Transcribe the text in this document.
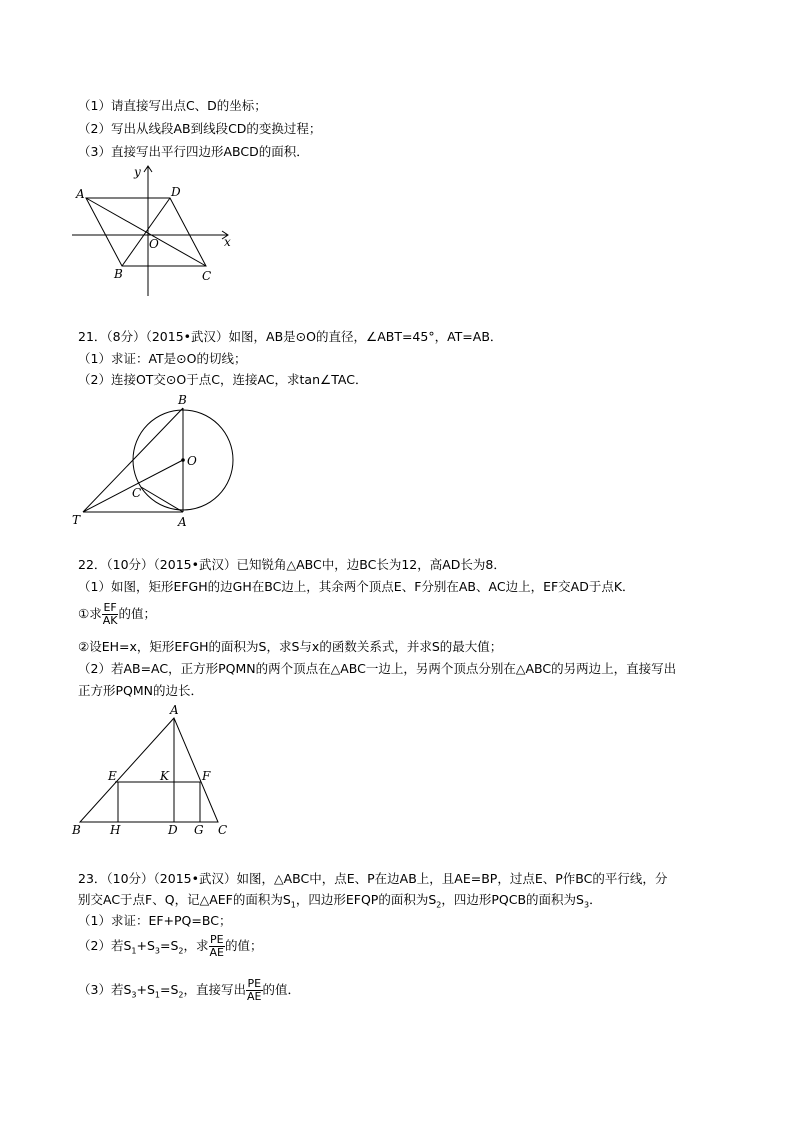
（1）请直接写出点C、D的坐标；
（2）写出从线段AB到线段CD的变换过程；
（3）直接写出平行四边形ABCD的面积．
A	D
B	C
O	x
y
21．（8分）（2015•武汉）如图，AB是⊙O的直径，∠ABT=45°，AT=AB．
（1）求证：AT是⊙O的切线；
（2）连接OT交⊙O于点C，连接AC，求tan∠TAC．
B
O
C
T	A
22．（10分）（2015•武汉）已知锐角△ABC中，边BC长为12，高AD长为8．
（1）如图，矩形EFGH的边GH在BC边上，其余两个顶点E、F分别在AB、AC边上，EF交AD于点K．
①求 $\frac{EF}{AK}$ 的值；
②设EH=x，矩形EFGH的面积为S，求S与x的函数关系式，并求S的最大值；
（2）若AB=AC，正方形PQMN的两个顶点在△ABC一边上，另两个顶点分别在△ABC的另两边上，直接写出
正方形PQMN的边长．
A
E	K	F
B H	D G C
23．（10分）（2015•武汉）如图，△ABC中，点E、P在边AB上，且AE=BP，过点E、P作BC的平行线，分
别交AC于点F、Q，记△AEF的面积为$S_1$，四边形EFQP的面积为$S_2$，四边形PQCB的面积为$S_3$．
（1）求证：EF+PQ=BC；
（2）若$S_1+S_3=S_2$，求 $\frac{PE}{AE}$ 的值；
（3）若$S_3+S_1=S_2$，直接写出 $\frac{PE}{AE}$ 的值．
